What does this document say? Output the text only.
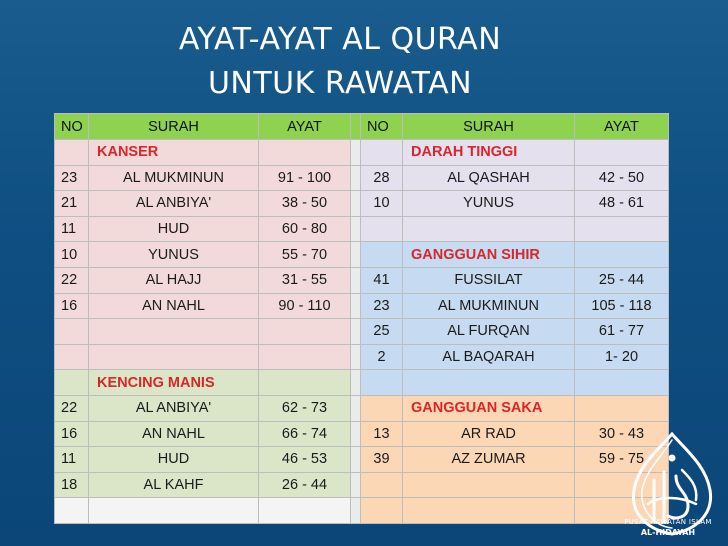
AYAT-AYAT AL QURAN
UNTUK RAWATAN
NO	SURAH	AYAT		NO	SURAH	AYAT
	KANSER				DARAH TINGGI	
23	AL MUKMINUN	91 - 100		28	AL QASHAH	42 - 50
21	AL ANBIYA'	38 - 50		10	YUNUS	48 - 61
11	HUD	60 - 80				
10	YUNUS	55 - 70			GANGGUAN SIHIR	
22	AL HAJJ	31 - 55		41	FUSSILAT	25 - 44
16	AN NAHL	90 - 110		23	AL MUKMINUN	105 - 118
				25	AL FURQAN	61 - 77
				2	AL BAQARAH	1- 20
	KENCING MANIS					
22	AL ANBIYA'	62 - 73			GANGGUAN SAKA	
16	AN NAHL	66 - 74		13	AR RAD	30 - 43
11	HUD	46 - 53		39	AZ ZUMAR	59 - 75
18	AL KAHF	26 - 44				

PUSAT RAWATAN ISLAM
AL-HIDAYAH
